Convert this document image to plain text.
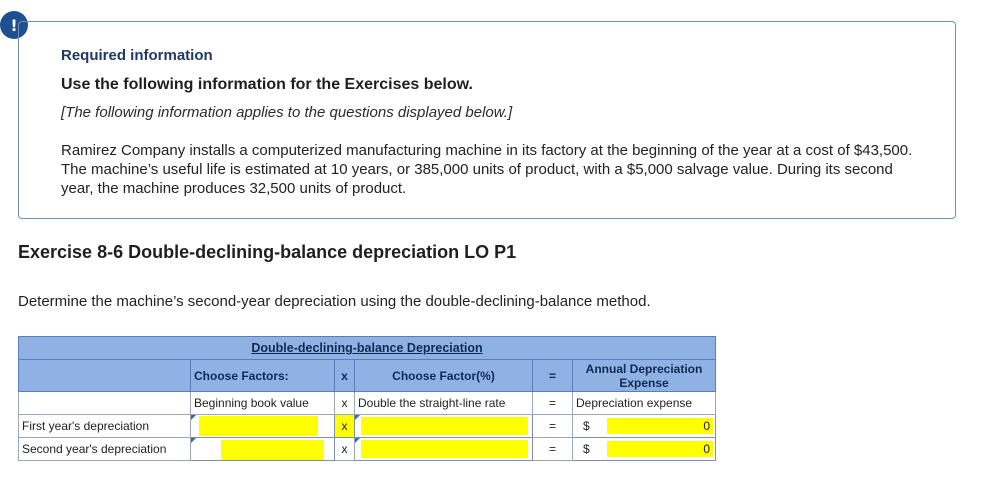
!
Required information
Use the following information for the Exercises below.
[The following information applies to the questions displayed below.]

Ramirez Company installs a computerized manufacturing machine in its factory at the beginning of the year at a cost of $43,500. The machine’s useful life is estimated at 10 years, or 385,000 units of product, with a $5,000 salvage value. During its second year, the machine produces 32,500 units of product.

Exercise 8-6 Double-declining-balance depreciation LO P1
Determine the machine’s second-year depreciation using the double-declining-balance method.
Double-declining-balance Depreciation					
	Choose Factors:	x	Choose Factor(%)	=	Annual Depreciation Expense
	Beginning book value	x	Double the straight-line rate	=	Depreciation expense
First year's depreciation		x		=	$ 0

Second year's depreciation		x		=	$ 0
